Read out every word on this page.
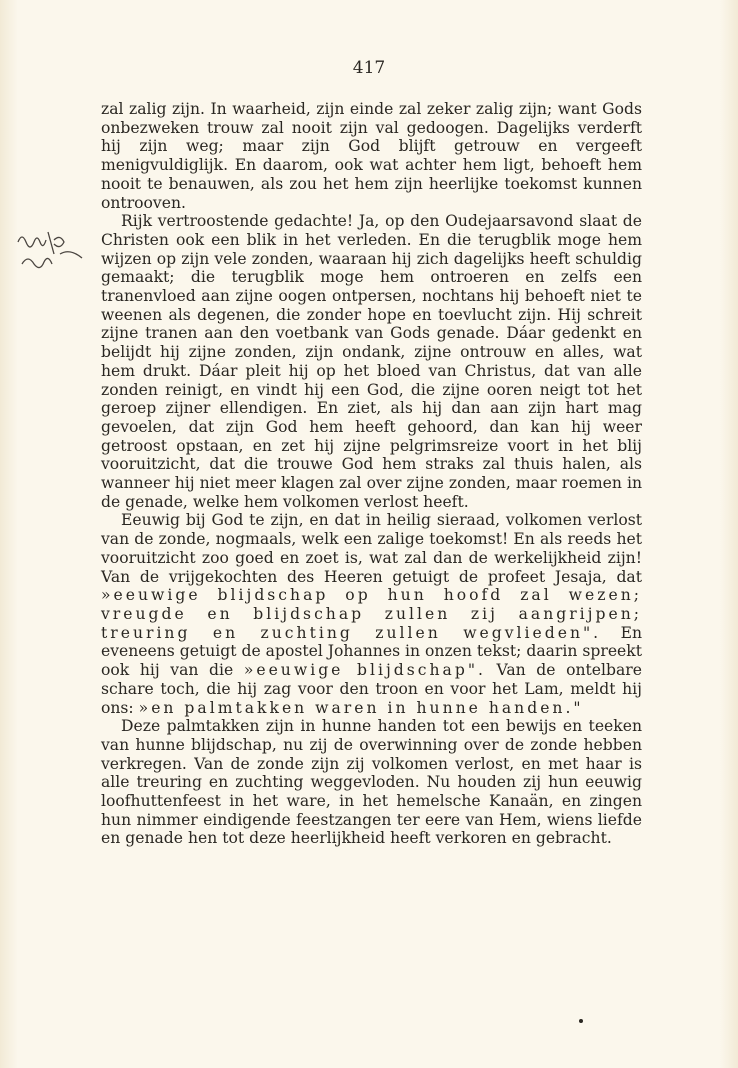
417

zal zalig zijn. In waarheid, zijn einde zal zeker zalig zijn; want Gods onbezweken trouw zal nooit zijn val gedoogen. Dagelijks verderft hij zijn weg; maar zijn God blijft getrouw en vergeeft menigvuldiglijk. En daarom, ook wat achter hem ligt, behoeft hem nooit te benauwen, als zou het hem zijn heerlijke toekomst kunnen ontrooven.

Rijk vertroostende gedachte! Ja, op den Oudejaarsavond slaat de Christen ook een blik in het verleden. En die terugblik moge hem wijzen op zijn vele zonden, waaraan hij zich dagelijks heeft schuldig gemaakt; die terugblik moge hem ontroeren en zelfs een tranenvloed aan zijne oogen ontpersen, nochtans hij behoeft niet te weenen als degenen, die zonder hope en toevlucht zijn. Hij schreit zijne tranen aan den voetbank van Gods genade. Dáar gedenkt en belijdt hij zijne zonden, zijn ondank, zijne ontrouw en alles, wat hem drukt. Dáar pleit hij op het bloed van Christus, dat van alle zonden reinigt, en vindt hij een God, die zijne ooren neigt tot het geroep zijner ellendigen. En ziet, als hij dan aan zijn hart mag gevoelen, dat zijn God hem heeft gehoord, dan kan hij weer getroost opstaan, en zet hij zijne pelgrimsreize voort in het blij vooruitzicht, dat die trouwe God hem straks zal thuis halen, als wanneer hij niet meer klagen zal over zijne zonden, maar roemen in de genade, welke hem volkomen verlost heeft.

Eeuwig bij God te zijn, en dat in heilig sieraad, volkomen verlost van de zonde, nogmaals, welk een zalige toekomst! En als reeds het vooruitzicht zoo goed en zoet is, wat zal dan de werkelijkheid zijn! Van de vrijgekochten des Heeren getuigt de profeet Jesaja, dat »eeuwige blijdschap op hun hoofd zal wezen; vreugde en blijdschap zullen zij aangrijpen; treuring en zuchting zullen wegvlieden". En eveneens getuigt de apostel Johannes in onzen tekst; daarin spreekt ook hij van die »eeuwige blijdschap". Van de ontelbare schare toch, die hij zag voor den troon en voor het Lam, meldt hij ons: »en palmtakken waren in hunne handen."

Deze palmtakken zijn in hunne handen tot een bewijs en teeken van hunne blijdschap, nu zij de overwinning over de zonde hebben verkregen. Van de zonde zijn zij volkomen verlost, en met haar is alle treuring en zuchting weggevloden. Nu houden zij hun eeuwig loofhuttenfeest in het ware, in het hemelsche Kanaän, en zingen hun nimmer eindigende feestzangen ter eere van Hem, wiens liefde en genade hen tot deze heerlijkheid heeft verkoren en gebracht.
